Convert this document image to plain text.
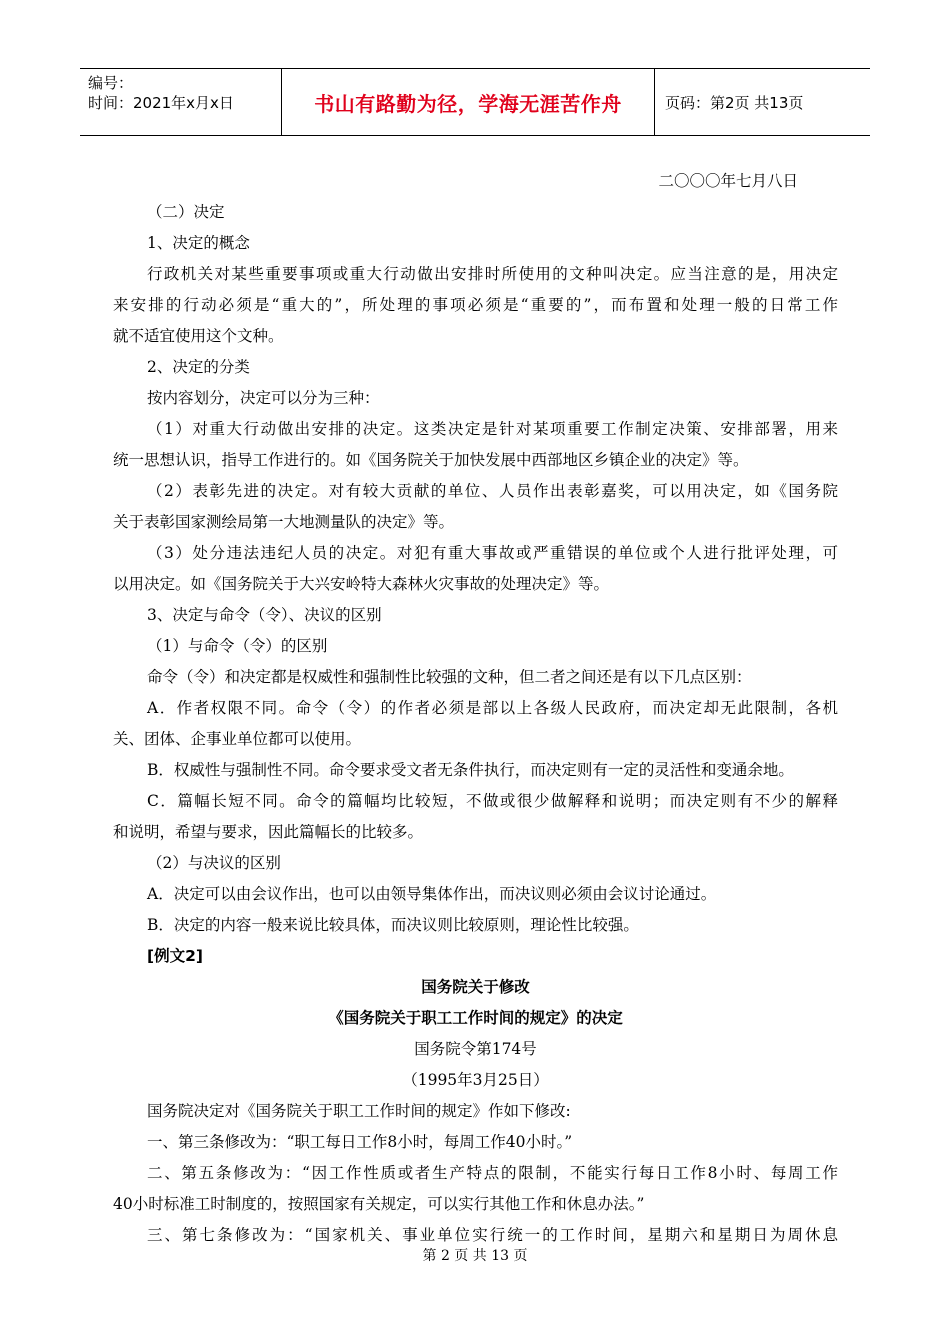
编号：
时间：2021年x月x日	书山有路勤为径，学海无涯苦作舟	页码：第2页 共13页
二〇〇〇年七月八日
（二）决定
1、决定的概念
行政机关对某些重要事项或重大行动做出安排时所使用的文种叫决定。应当注意的是，用决定
来安排的行动必须是“重大的”，所处理的事项必须是“重要的”，而布置和处理一般的日常工作
就不适宜使用这个文种。
2、决定的分类
按内容划分，决定可以分为三种：
（1）对重大行动做出安排的决定。这类决定是针对某项重要工作制定决策、安排部署，用来
统一思想认识，指导工作进行的。如《国务院关于加快发展中西部地区乡镇企业的决定》等。
（2）表彰先进的决定。对有较大贡献的单位、人员作出表彰嘉奖，可以用决定，如《国务院
关于表彰国家测绘局第一大地测量队的决定》等。
（3）处分违法违纪人员的决定。对犯有重大事故或严重错误的单位或个人进行批评处理，可
以用决定。如《国务院关于大兴安岭特大森林火灾事故的处理决定》等。
3、决定与命令（令）、决议的区别
（1）与命令（令）的区别
命令（令）和决定都是权威性和强制性比较强的文种，但二者之间还是有以下几点区别：
A．作者权限不同。命令（令）的作者必须是部以上各级人民政府，而决定却无此限制，各机
关、团体、企事业单位都可以使用。
B．权威性与强制性不同。命令要求受文者无条件执行，而决定则有一定的灵活性和变通余地。
C．篇幅长短不同。命令的篇幅均比较短，不做或很少做解释和说明；而决定则有不少的解释
和说明，希望与要求，因此篇幅长的比较多。
（2）与决议的区别
A．决定可以由会议作出，也可以由领导集体作出，而决议则必须由会议讨论通过。
B．决定的内容一般来说比较具体，而决议则比较原则，理论性比较强。
[例文2]
国务院关于修改
《国务院关于职工工作时间的规定》的决定
国务院令第174号
（1995年3月25日）
国务院决定对《国务院关于职工工作时间的规定》作如下修改:
一、第三条修改为：“职工每日工作8小时，每周工作40小时。”
二、第五条修改为：“因工作性质或者生产特点的限制，不能实行每日工作8小时、每周工作
40小时标准工时制度的，按照国家有关规定，可以实行其他工作和休息办法。”
三、第七条修改为：“国家机关、事业单位实行统一的工作时间，星期六和星期日为周休息
第 2 页 共 13 页
